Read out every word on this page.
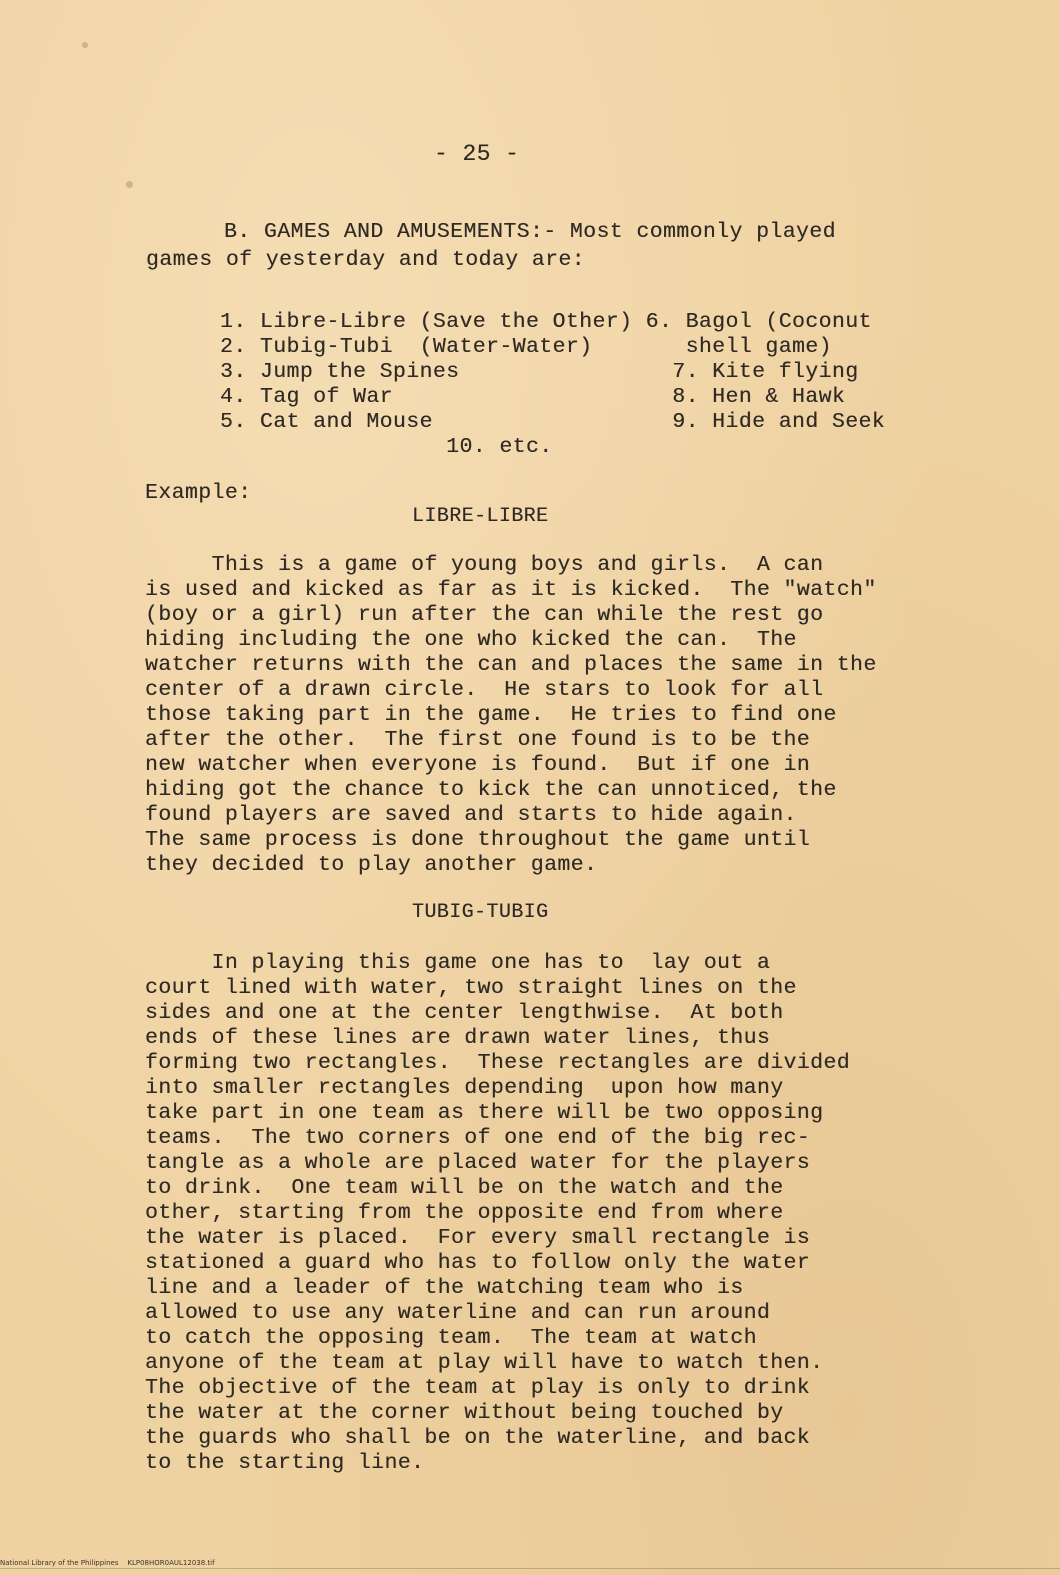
- 25 -
B. GAMES AND AMUSEMENTS:- Most commonly played
games of yesterday and today are:
1. Libre-Libre (Save the Other) 6. Bagol (Coconut
2. Tubig-Tubi  (Water-Water)       shell game)
3. Jump the Spines                7. Kite flying
4. Tag of War                     8. Hen & Hawk
5. Cat and Mouse                  9. Hide and Seek
10. etc.
Example:
LIBRE-LIBRE
This is a game of young boys and girls.  A can
is used and kicked as far as it is kicked.  The "watch"
(boy or a girl) run after the can while the rest go
hiding including the one who kicked the can.  The
watcher returns with the can and places the same in the
center of a drawn circle.  He stars to look for all
those taking part in the game.  He tries to find one
after the other.  The first one found is to be the
new watcher when everyone is found.  But if one in
hiding got the chance to kick the can unnoticed, the
found players are saved and starts to hide again.
The same process is done throughout the game until
they decided to play another game.
TUBIG-TUBIG
In playing this game one has to  lay out a
court lined with water, two straight lines on the
sides and one at the center lengthwise.  At both
ends of these lines are drawn water lines, thus
forming two rectangles.  These rectangles are divided
into smaller rectangles depending  upon how many
take part in one team as there will be two opposing
teams.  The two corners of one end of the big rec-
tangle as a whole are placed water for the players
to drink.  One team will be on the watch and the
other, starting from the opposite end from where
the water is placed.  For every small rectangle is
stationed a guard who has to follow only the water
line and a leader of the watching team who is
allowed to use any waterline and can run around
to catch the opposing team.  The team at watch
anyone of the team at play will have to watch then.
The objective of the team at play is only to drink
the water at the corner without being touched by
the guards who shall be on the waterline, and back
to the starting line.
National Library of the Philippines    KLP08HOR0AUL12038.tif
